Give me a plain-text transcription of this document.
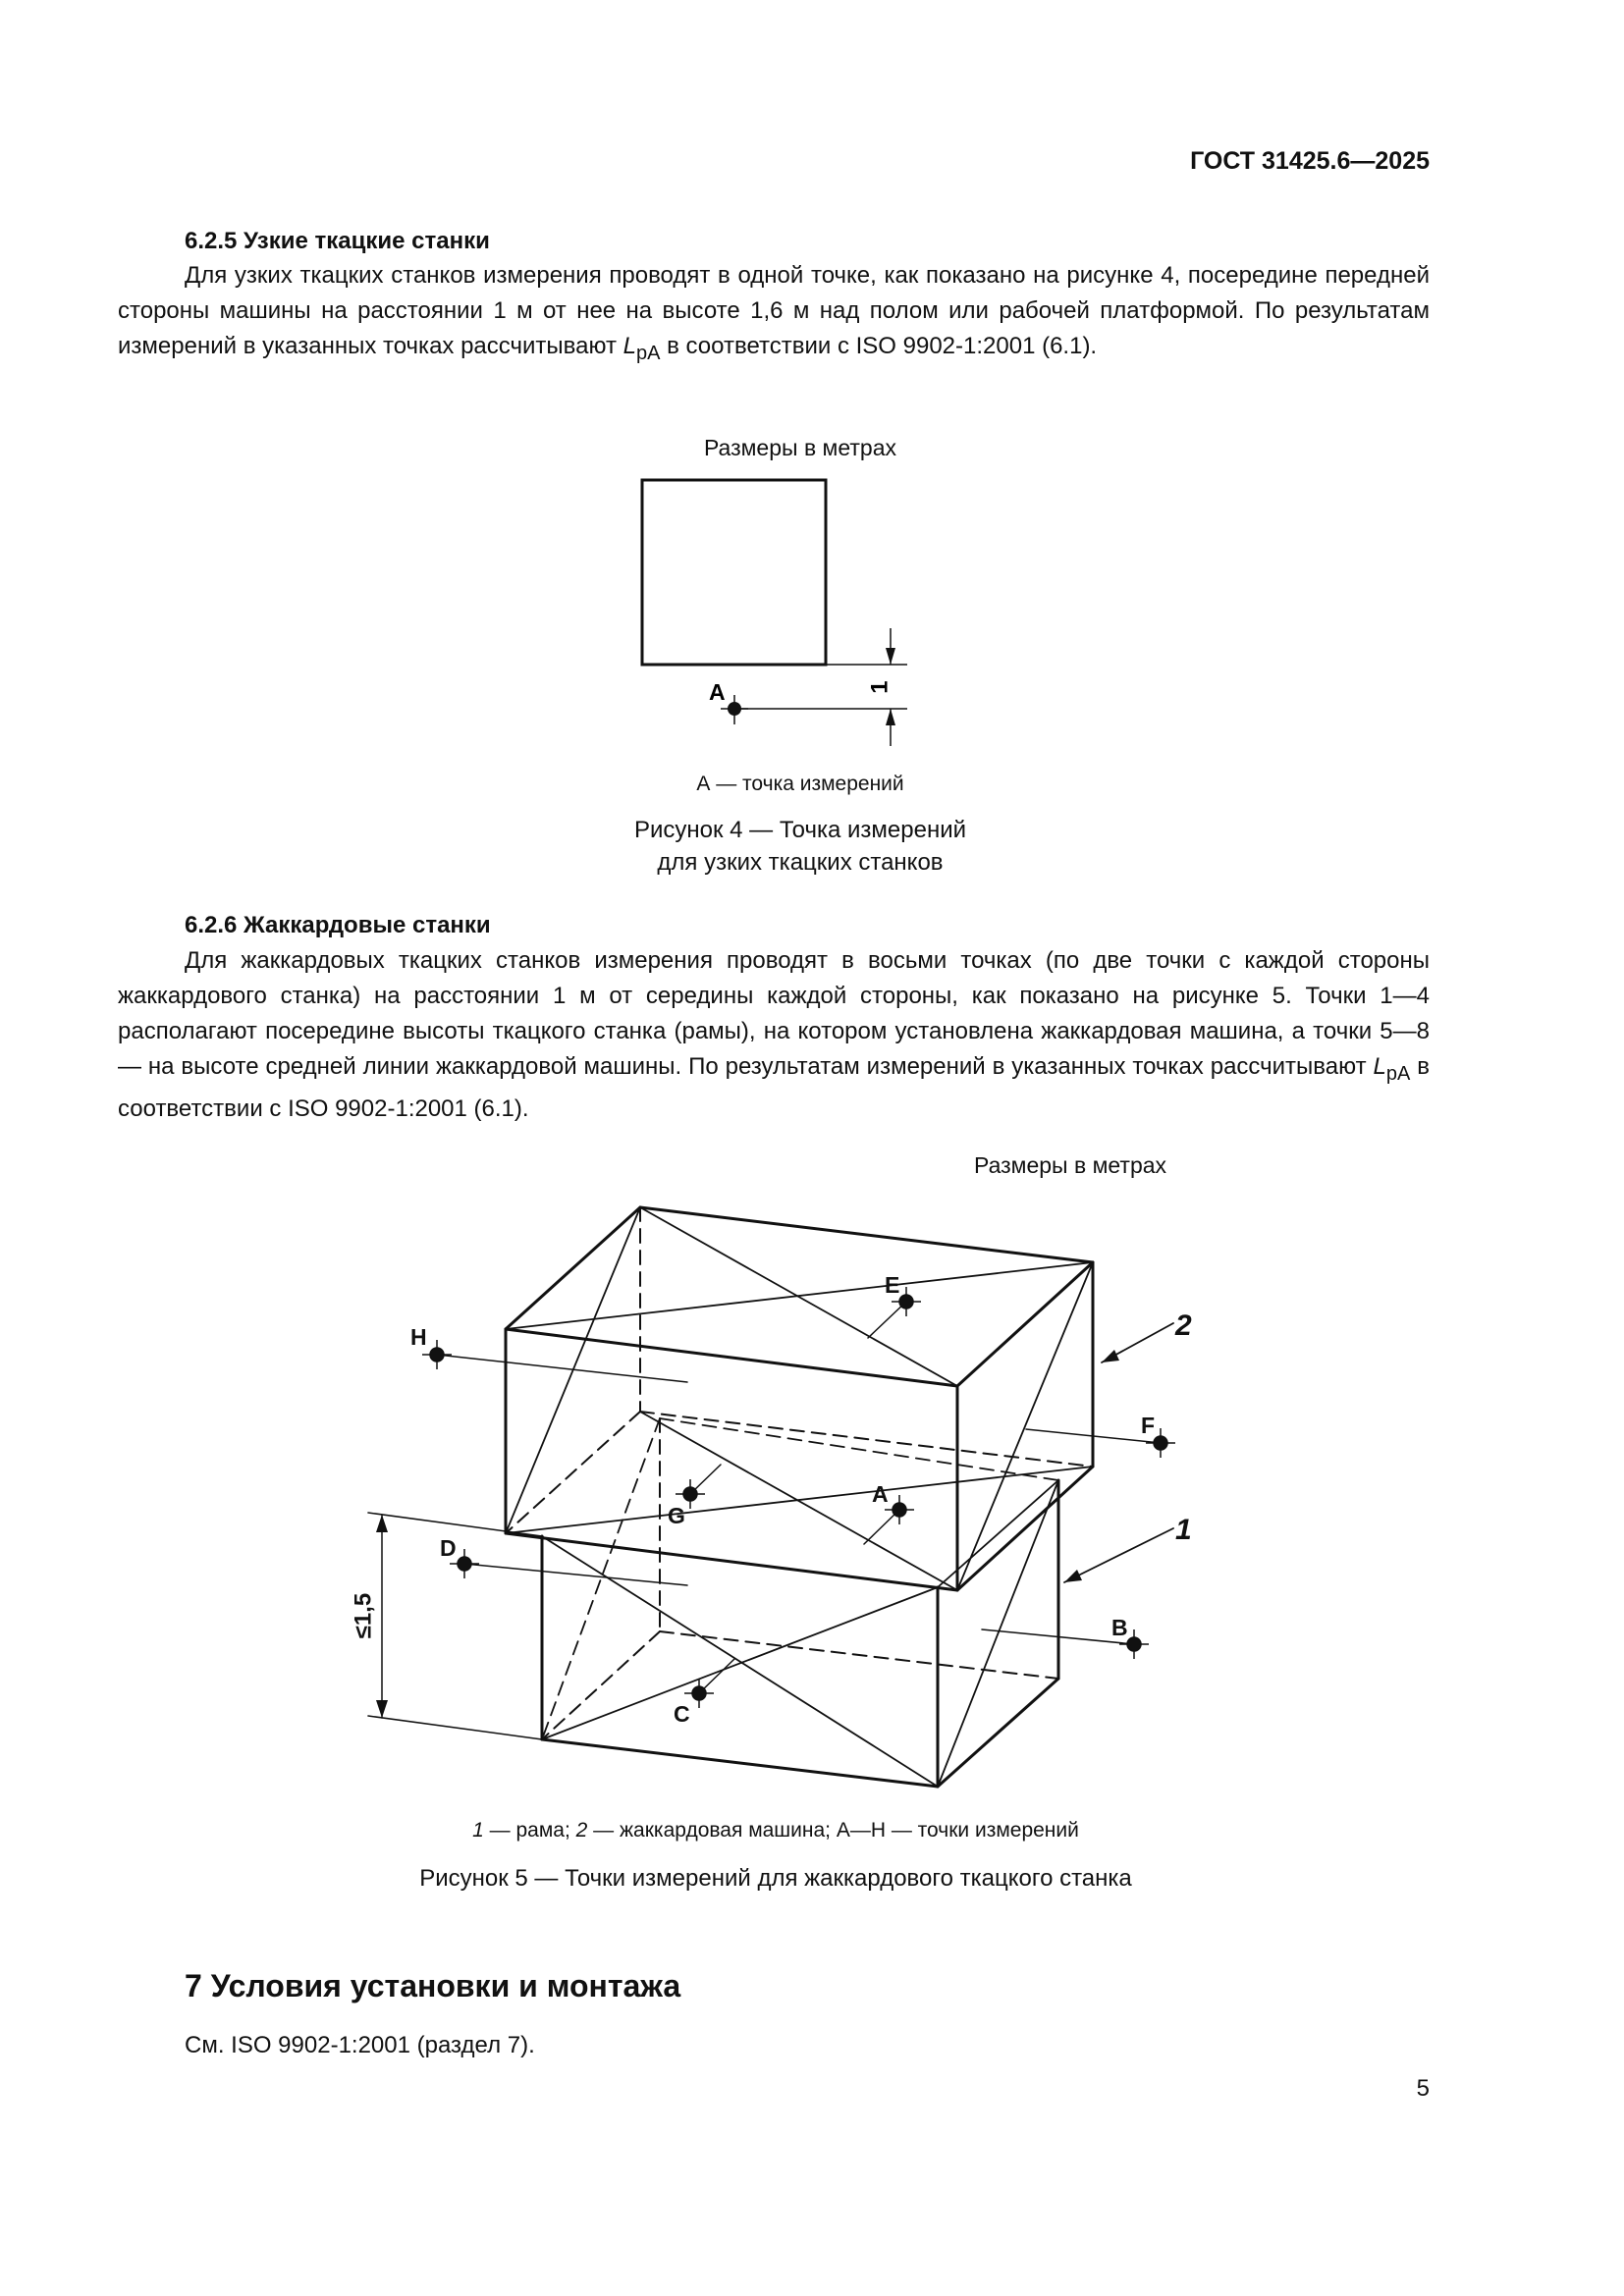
ГОСТ 31425.6—2025
6.2.5 Узкие ткацкие станки
Для узких ткацких станков измерения проводят в одной точке, как показано на рисунке 4, посередине передней стороны машины на расстоянии 1 м от нее на высоте 1,6 м над полом или рабочей платформой. По результатам измерений в указанных точках рассчитывают $L_{pA}$ в соответствии с ISO 9902-1:2001 (6.1).
Размеры в метрах
1
A
А — точка измерений
Рисунок 4 — Точка измерений
для узких ткацких станков
6.2.6 Жаккардовые станки
Для жаккардовых ткацких станков измерения проводят в восьми точках (по две точки с каждой стороны жаккардового станка) на расстоянии 1 м от середины каждой стороны, как показано на рисунке 5. Точки 1—4 располагают посередине высоты ткацкого станка (рамы), на котором установлена жаккардовая машина, а точки 5—8 — на высоте средней линии жаккардовой машины. По результатам измерений в указанных точках рассчитывают $L_{pA}$ в соответствии с ISO 9902-1:2001 (6.1).
Размеры в метрах
H
E
F
G
A
D
B
C
2
1
≤1,5
1 — рама; 2 — жаккардовая машина; А—Н — точки измерений
Рисунок 5 — Точки измерений для жаккардового ткацкого станка
7 Условия установки и монтажа
См. ISO 9902-1:2001 (раздел 7).
5
